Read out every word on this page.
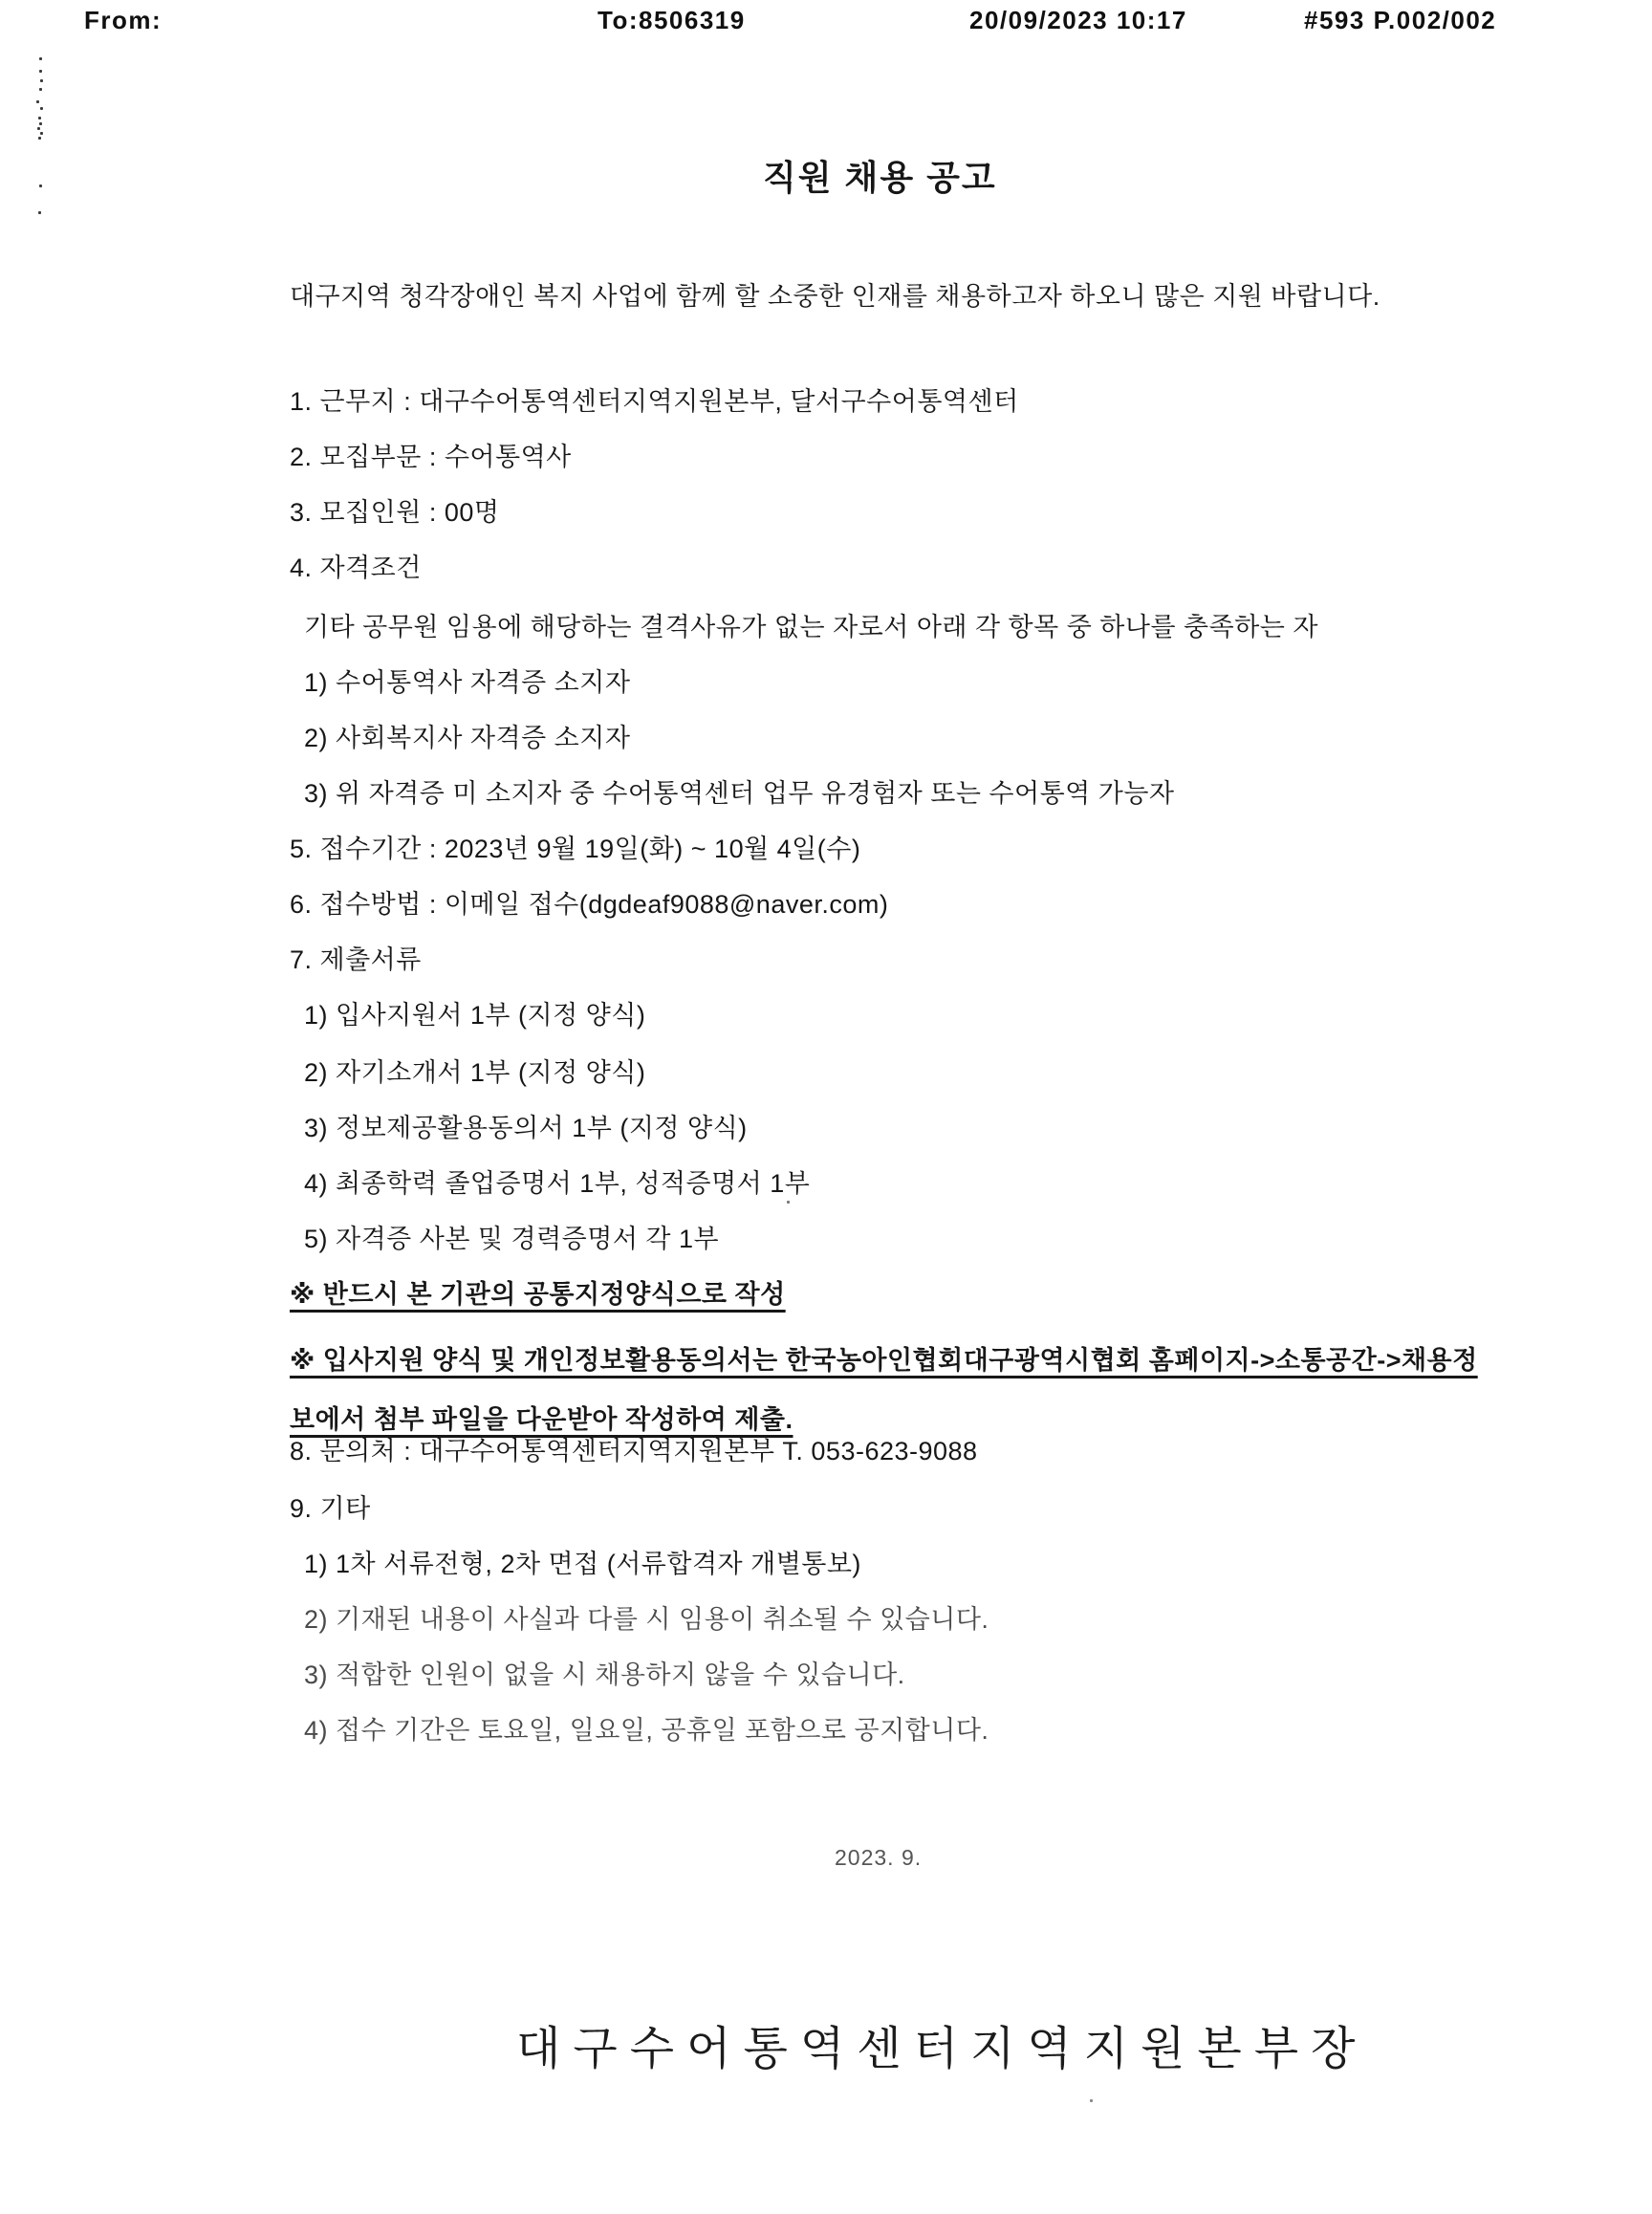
From:	To:8506319	20/09/2023 10:17	#593 P.002/002
직원 채용 공고

대구지역 청각장애인 복지 사업에 함께 할 소중한 인재를 채용하고자 하오니 많은 지원 바랍니다.

1. 근무지 : 대구수어통역센터지역지원본부, 달서구수어통역센터

2. 모집부문 : 수어통역사

3. 모집인원 : 00명

4. 자격조건

기타 공무원 임용에 해당하는 결격사유가 없는 자로서 아래 각 항목 중 하나를 충족하는 자

1) 수어통역사 자격증 소지자

2) 사회복지사 자격증 소지자

3) 위 자격증 미 소지자 중 수어통역센터 업무 유경험자 또는 수어통역 가능자

5. 접수기간 : 2023년 9월 19일(화) ~ 10월 4일(수)

6. 접수방법 : 이메일 접수(dgdeaf9088@naver.com)

7. 제출서류

1) 입사지원서 1부 (지정 양식)

2) 자기소개서 1부 (지정 양식)

3) 정보제공활용동의서 1부 (지정 양식)

4) 최종학력 졸업증명서 1부, 성적증명서 1부

5) 자격증 사본 및 경력증명서 각 1부

※ 반드시 본 기관의 공통지정양식으로 작성

※ 입사지원 양식 및 개인정보활용동의서는 한국농아인협회대구광역시협회 홈페이지->소통공간->채용정보에서 첨부 파일을 다운받아 작성하여 제출.

8. 문의처 : 대구수어통역센터지역지원본부 T. 053-623-9088

9. 기타

1) 1차 서류전형, 2차 면접 (서류합격자 개별통보)

2) 기재된 내용이 사실과 다를 시 임용이 취소될 수 있습니다.

3) 적합한 인원이 없을 시 채용하지 않을 수 있습니다.

4) 접수 기간은 토요일, 일요일, 공휴일 포함으로 공지합니다.

2023. 9.

대구수어통역센터지역지원본부장
